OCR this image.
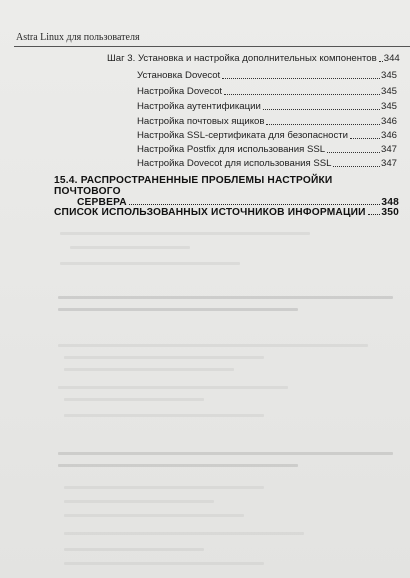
Astra Linux для пользователя
Шаг 3. Установка и настройка дополнительных компонентов 344
Установка Dovecot	345
Настройка Dovecot	345
Настройка аутентификации	345
Настройка почтовых ящиков	346
Настройка SSL-сертификата для безопасности	346
Настройка Postfix для использования SSL	347
Настройка Dovecot для использования SSL	347
15.4. РАСПРОСТРАНЕННЫЕ ПРОБЛЕМЫ НАСТРОЙКИ ПОЧТОВОГО
СЕРВЕРА	348
СПИСОК ИСПОЛЬЗОВАННЫХ ИСТОЧНИКОВ ИНФОРМАЦИИ 350
